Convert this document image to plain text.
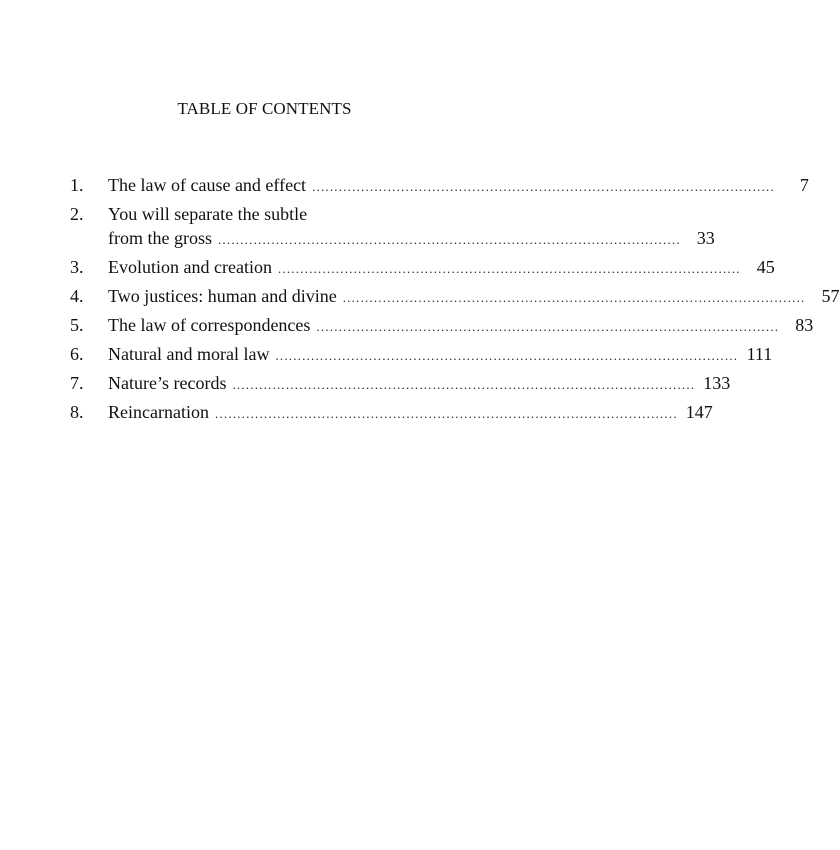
TABLE OF CONTENTS
1.	The law of cause and effect ........................................................................................................	7
2.	You will separate the subtle
from the gross ........................................................................................................ 33
3.	Evolution and creation ........................................................................................................ 45
4.	Two justices: human and divine ........................................................................................................ 57
5.	The law of correspondences ........................................................................................................ 83
6.	Natural and moral law ........................................................................................................ 111
7.	Nature’s records ........................................................................................................ 133
8.	Reincarnation ........................................................................................................ 147
